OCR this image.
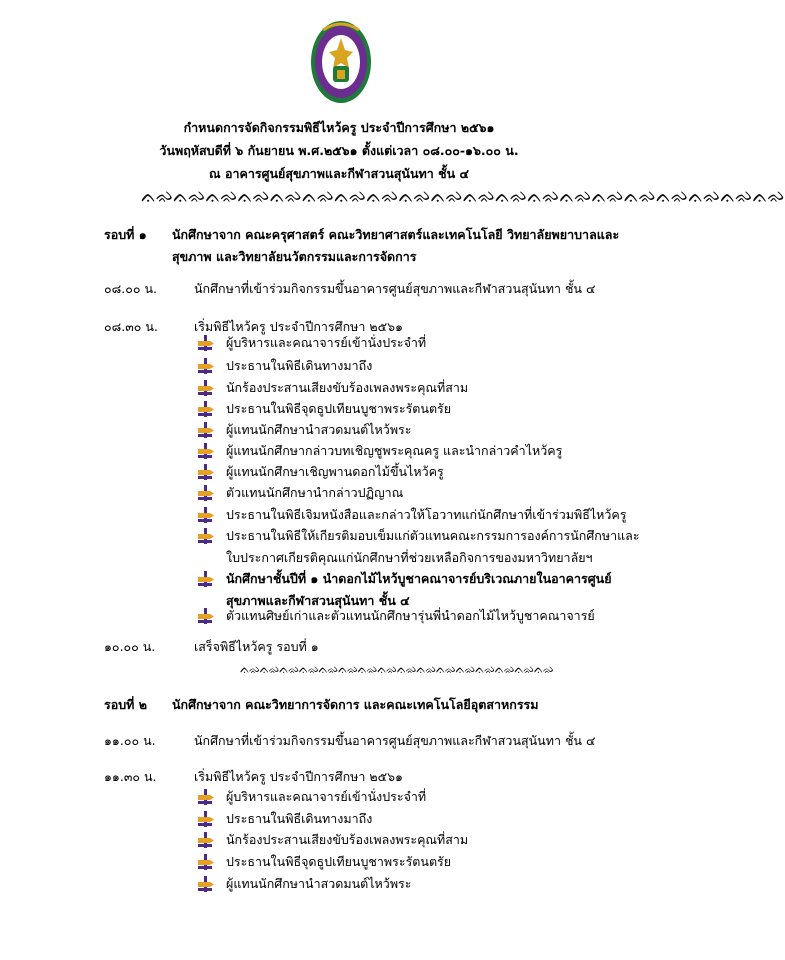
กำหนดการจัดกิจกรรมพิธีไหว้ครู ประจำปีการศึกษา ๒๕๖๑
วันพฤหัสบดีที่ ๖ กันยายน พ.ศ.๒๕๖๑ ตั้งแต่เวลา ๐๘.๐๐-๑๖.๐๐ น.
ณ อาคารศูนย์สุขภาพและกีฬาสวนสุนันทา ชั้น ๔
ᨊᨋᨊᨋᨊᨋᨊᨋᨊᨋᨊᨋᨊᨋᨊᨋᨊᨋᨊᨋᨊᨋᨊᨋᨊᨋᨊᨋᨊᨋᨊᨋᨊᨋᨊᨋᨊᨋᨊᨋ
รอบที่ ๑ นักศึกษาจาก คณะครุศาสตร์ คณะวิทยาศาสตร์และเทคโนโลยี วิทยาลัยพยาบาลและสุขภาพ และวิทยาลัยนวัตกรรมและการจัดการ
๐๘.๐๐ น.	นักศึกษาที่เข้าร่วมกิจกรรมขึ้นอาคารศูนย์สุขภาพและกีฬาสวนสุนันทา ชั้น ๔
๐๘.๓๐ น.	เริ่มพิธีไหว้ครู ประจำปีการศึกษา ๒๕๖๑
ผู้บริหารและคณาจารย์เข้านั่งประจำที่
ประธานในพิธีเดินทางมาถึง
นักร้องประสานเสียงขับร้องเพลงพระคุณที่สาม
ประธานในพิธีจุดธูปเทียนบูชาพระรัตนตรัย
ผู้แทนนักศึกษานำสวดมนต์ไหว้พระ
ผู้แทนนักศึกษากล่าวบทเชิญชูพระคุณครู และนำกล่าวคำไหว้ครู
ผู้แทนนักศึกษาเชิญพานดอกไม้ขึ้นไหว้ครู
ตัวแทนนักศึกษานำกล่าวปฏิญาณ
ประธานในพิธีเจิมหนังสือและกล่าวให้โอวาทแก่นักศึกษาที่เข้าร่วมพิธีไหว้ครู
ประธานในพิธีให้เกียรติมอบเข็มแก่ตัวแทนคณะกรรมการองค์การนักศึกษาและใบประกาศเกียรติคุณแก่นักศึกษาที่ช่วยเหลือกิจการของมหาวิทยาลัยฯ
นักศึกษาชั้นปีที่ ๑ นำดอกไม้ไหว้บูชาคณาจารย์บริเวณภายในอาคารศูนย์สุขภาพและกีฬาสวนสุนันทา ชั้น ๔
ตัวแทนศิษย์เก่าและตัวแทนนักศึกษารุ่นพี่นำดอกไม้ไหว้บูชาคณาจารย์
๑๐.๐๐ น.	เสร็จพิธีไหว้ครู รอบที่ ๑
ᨊᨋᨊᨋᨊᨋᨊᨋᨊᨋᨊᨋᨊᨋᨊᨋᨊᨋᨊᨋᨊᨋᨊᨋᨊᨋᨊᨋᨊᨋᨊᨋ
รอบที่ ๒ นักศึกษาจาก คณะวิทยาการจัดการ และคณะเทคโนโลยีอุตสาหกรรม
๑๑.๐๐ น.	นักศึกษาที่เข้าร่วมกิจกรรมขึ้นอาคารศูนย์สุขภาพและกีฬาสวนสุนันทา ชั้น ๔
๑๑.๓๐ น.	เริ่มพิธีไหว้ครู ประจำปีการศึกษา ๒๕๖๑
ผู้บริหารและคณาจารย์เข้านั่งประจำที่
ประธานในพิธีเดินทางมาถึง
นักร้องประสานเสียงขับร้องเพลงพระคุณที่สาม
ประธานในพิธีจุดธูปเทียนบูชาพระรัตนตรัย
ผู้แทนนักศึกษานำสวดมนต์ไหว้พระ
